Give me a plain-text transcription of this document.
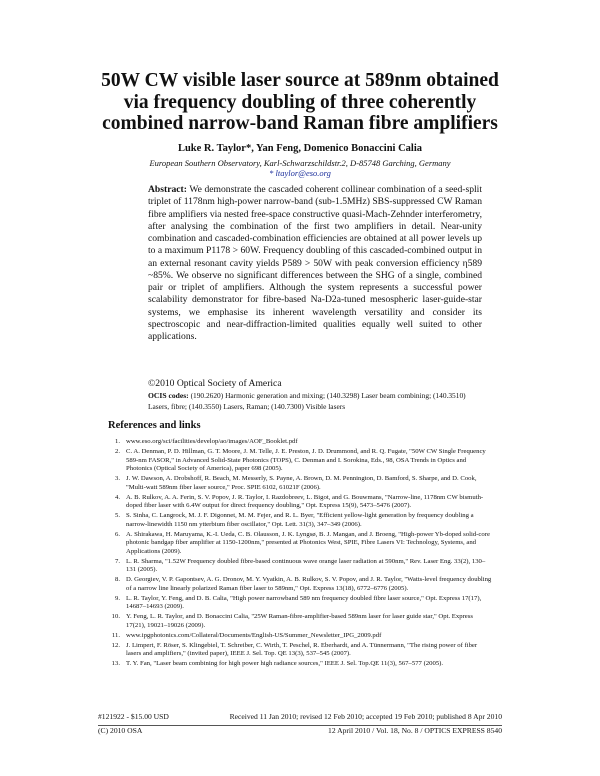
50W CW visible laser source at 589nm obtained
via frequency doubling of three coherently
combined narrow-band Raman fibre amplifiers
Luke R. Taylor*, Yan Feng, Domenico Bonaccini Calia
European Southern Observatory, Karl-Schwarzschildstr.2, D-85748 Garching, Germany
* ltaylor@eso.org

Abstract: We demonstrate the cascaded coherent collinear combination of a seed-split triplet of 1178nm high-power narrow-band (sub-1.5MHz) SBS-suppressed CW Raman fibre amplifiers via nested free-space constructive quasi-Mach-Zehnder interferometry, after analysing the combination of the first two amplifiers in detail. Near-unity combination and cascaded-combination efficiencies are obtained at all power levels up to a maximum P1178 > 60W. Frequency doubling of this cascaded-combined output in an external resonant cavity yields P589 > 50W with peak conversion efficiency η589 ~85%. We observe no significant differences between the SHG of a single, combined pair or triplet of amplifiers. Although the system represents a successful power scalability demonstrator for fibre-based Na-D2a-tuned mesospheric laser-guide-star systems, we emphasise its inherent wavelength versatility and consider its spectroscopic and near-diffraction-limited qualities equally well suited to other applications.

©2010 Optical Society of America

OCIS codes: (190.2620) Harmonic generation and mixing; (140.3298) Laser beam combining; (140.3510) Lasers, fibre; (140.3550) Lasers, Raman; (140.7300) Visible lasers

References and links
1. www.eso.org/sci/facilities/develop/ao/images/AOF_Booklet.pdf
2. C. A. Denman, P. D. Hillman, G. T. Moore, J. M. Telle, J. E. Preston, J. D. Drummond, and R. Q. Fugate, "50W CW Single Frequency 589-nm FASOR," in Advanced Solid-State Photonics (TOPS), C. Denman and I. Sorokina, Eds., 98, OSA Trends in Optics and Photonics (Optical Society of America), paper 698 (2005).
3. J. W. Dawson, A. Drobshoff, R. Beach, M. Messerly, S. Payne, A. Brown, D. M. Pennington, D. Bamford, S. Sharpe, and D. Cook, "Multi-watt 589nm fiber laser source," Proc. SPIE 6102, 61021F (2006).
4. A. B. Rulkov, A. A. Ferin, S. V. Popov, J. R. Taylor, I. Razdobreev, L. Bigot, and G. Bouwmans, "Narrow-line, 1178nm CW bismuth-doped fiber laser with 6.4W output for direct frequency doubling," Opt. Express 15(9), 5473–5476 (2007).
5. S. Sinha, C. Langrock, M. J. F. Digonnet, M. M. Fejer, and R. L. Byer, "Efficient yellow-light generation by frequency doubling a narrow-linewidth 1150 nm ytterbium fiber oscillator," Opt. Lett. 31(3), 347–349 (2006).
6. A. Shirakawa, H. Maruyama, K.-I. Ueda, C. B. Olausson, J. K. Lyngsø, B. J. Mangan, and J. Broeng, "High-power Yb-doped solid-core photonic bandgap fiber amplifier at 1150-1200nm," presented at Photonics West, SPIE, Fibre Lasers VI: Technology, Systems, and Applications (2009).
7. L. R. Sharma, "1.52W Frequency doubled fibre-based continuous wave orange laser radiation at 590nm," Rev. Laser Eng. 33(2), 130–131 (2005).
8. D. Georgiev, V. P. Gapontsev, A. G. Dronov, M. Y. Vyatkin, A. B. Rulkov, S. V. Popov, and J. R. Taylor, "Watts-level frequency doubling of a narrow line linearly polarized Raman fiber laser to 589nm," Opt. Express 13(18), 6772–6776 (2005).
9. L. R. Taylor, Y. Feng, and D. B. Calia, "High power narrowband 589 nm frequency doubled fibre laser source," Opt. Express 17(17), 14687–14693 (2009).
10. Y. Feng, L. R. Taylor, and D. Bonaccini Calia, "25W Raman-fibre-amplifier-based 589nm laser for laser guide star," Opt. Express 17(21), 19021–19026 (2009).
11. www.ipgphotonics.com/Collateral/Documents/English-US/Summer_Newsletter_IPG_2009.pdf
12. J. Limpert, F. Röser, S. Klingebiel, T. Schreiber, C. Wirth, T. Peschel, R. Eberhardt, and A. Tünnermann, "The rising power of fiber lasers and amplifiers," (invited paper), IEEE J. Sel. Top. QE 13(3), 537–545 (2007).
13. T. Y. Fan, "Laser beam combining for high power high radiance sources," IEEE J. Sel. Top.QE 11(3), 567–577 (2005).
#121922 - $15.00 USD	Received 11 Jan 2010; revised 12 Feb 2010; accepted 19 Feb 2010; published 8 Apr 2010
(C) 2010 OSA	12 April 2010 / Vol. 18, No. 8 / OPTICS EXPRESS 8540
